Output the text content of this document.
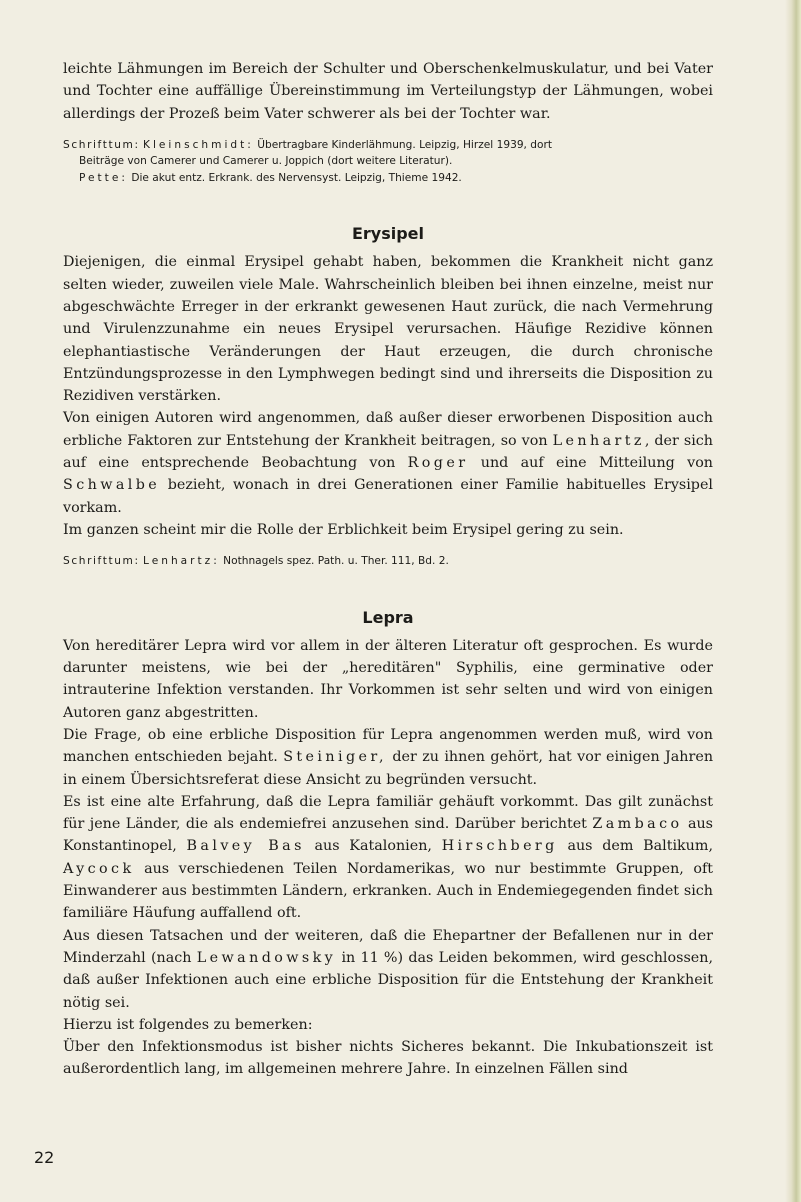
leichte Lähmungen im Bereich der Schulter und Oberschenkelmuskulatur, und bei Vater und Tochter eine auffällige Übereinstimmung im Verteilungstyp der Lähmungen, wobei allerdings der Prozeß beim Vater schwerer als bei der Tochter war.

Schrifttum: Kleinschmidt: Übertragbare Kinderlähmung. Leipzig, Hirzel 1939, dort
Beiträge von Camerer und Camerer u. Joppich (dort weitere Literatur).
Pette: Die akut entz. Erkrank. des Nervensyst. Leipzig, Thieme 1942.
Erysipel

Diejenigen, die einmal Erysipel gehabt haben, bekommen die Krankheit nicht ganz selten wieder, zuweilen viele Male. Wahrscheinlich bleiben bei ihnen einzelne, meist nur abgeschwächte Erreger in der erkrankt gewesenen Haut zurück, die nach Vermehrung und Virulenzzunahme ein neues Erysipel verursachen. Häufige Rezidive können elephantiastische Veränderungen der Haut erzeugen, die durch chronische Entzündungsprozesse in den Lymphwegen bedingt sind und ihrerseits die Disposition zu Rezidiven verstärken.

Von einigen Autoren wird angenommen, daß außer dieser erworbenen Disposition auch erbliche Faktoren zur Entstehung der Krankheit beitragen, so von Lenhartz, der sich auf eine entsprechende Beobachtung von Roger und auf eine Mitteilung von Schwalbe bezieht, wonach in drei Generationen einer Familie habituelles Erysipel vorkam.

Im ganzen scheint mir die Rolle der Erblichkeit beim Erysipel gering zu sein.

Schrifttum: Lenhartz: Nothnagels spez. Path. u. Ther. 111, Bd. 2.
Lepra

Von hereditärer Lepra wird vor allem in der älteren Literatur oft gesprochen. Es wurde darunter meistens, wie bei der „hereditären" Syphilis, eine germinative oder intrauterine Infektion verstanden. Ihr Vorkommen ist sehr selten und wird von einigen Autoren ganz abgestritten.

Die Frage, ob eine erbliche Disposition für Lepra angenommen werden muß, wird von manchen entschieden bejaht. Steiniger, der zu ihnen gehört, hat vor einigen Jahren in einem Übersichtsreferat diese Ansicht zu begründen versucht.

Es ist eine alte Erfahrung, daß die Lepra familiär gehäuft vorkommt. Das gilt zunächst für jene Länder, die als endemiefrei anzusehen sind. Darüber berichtet Zambaco aus Konstantinopel, Balvey Bas aus Katalonien, Hirschberg aus dem Baltikum, Aycock aus verschiedenen Teilen Nordamerikas, wo nur bestimmte Gruppen, oft Einwanderer aus bestimmten Ländern, erkranken. Auch in Endemiegegenden findet sich familiäre Häufung auffallend oft.

Aus diesen Tatsachen und der weiteren, daß die Ehepartner der Befallenen nur in der Minderzahl (nach Lewandowsky in 11 %) das Leiden bekommen, wird geschlossen, daß außer Infektionen auch eine erbliche Disposition für die Entstehung der Krankheit nötig sei.

Hierzu ist folgendes zu bemerken:

Über den Infektionsmodus ist bisher nichts Sicheres bekannt. Die Inkubationszeit ist außerordentlich lang, im allgemeinen mehrere Jahre. In einzelnen Fällen sind

22
